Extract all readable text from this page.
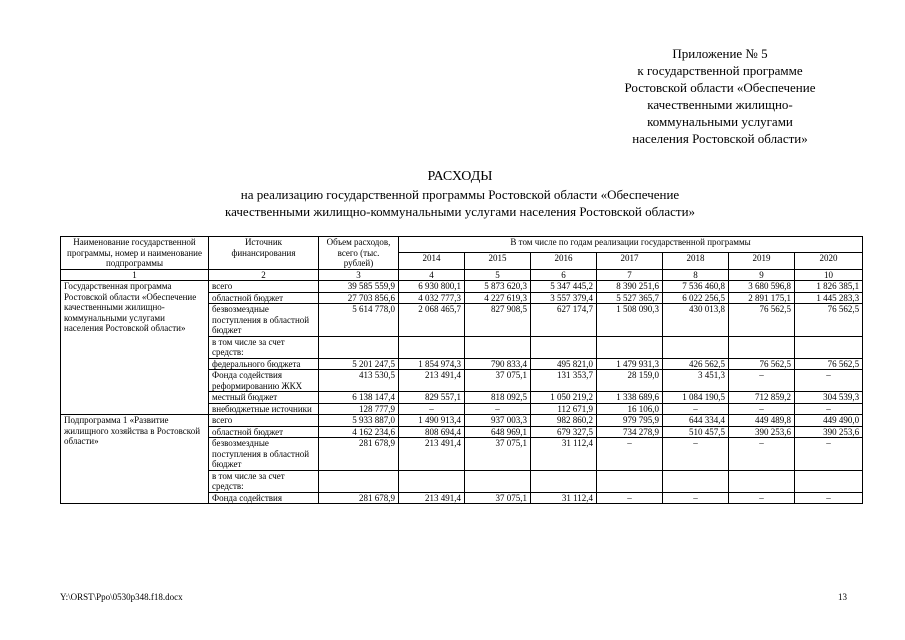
Приложение № 5
к государственной программе
Ростовской области «Обеспечение
качественными жилищно-
коммунальными услугами
населения Ростовской области»
РАСХОДЫ
на реализацию государственной программы Ростовской области «Обеспечение
качественными жилищно-коммунальными услугами населения Ростовской области»
Наименование государственной программы, номер и наименование подпрограммы	Источник финансирования	Объем расходов, всего (тыс. рублей)	В том числе по годам реализации государственной программы						
			2014	2015	2016	2017	2018	2019	2020
1	2	3	4	5	6	7	8	9	10
Государственная программа Ростовской области «Обеспечение качественными жилищно-коммунальными услугами населения Ростовской области»	всего	39 585 559,9	6 930 800,1	5 873 620,3	5 347 445,2	8 390 251,6	7 536 460,8	3 680 596,8	1 826 385,1
	областной бюджет	27 703 856,6	4 032 777,3	4 227 619,3	3 557 379,4	5 527 365,7	6 022 256,5	2 891 175,1	1 445 283,3
	безвозмездные поступления в областной бюджет	5 614 778,0	2 068 465,7	827 908,5	627 174,7	1 508 090,3	430 013,8	76 562,5	76 562,5
	в том числе за счет средств:								
	федерального бюджета	5 201 247,5	1 854 974,3	790 833,4	495 821,0	1 479 931,3	426 562,5	76 562,5	76 562,5
	Фонда содействия реформированию ЖКХ	413 530,5	213 491,4	37 075,1	131 353,7	28 159,0	3 451,3	–	–
	местный бюджет	6 138 147,4	829 557,1	818 092,5	1 050 219,2	1 338 689,6	1 084 190,5	712 859,2	304 539,3
	внебюджетные источники	128 777,9	–	–	112 671,9	16 106,0	–	–	–
Подпрограмма 1 «Развитие жилищного хозяйства в Ростовской области»	всего	5 933 887,0	1 490 913,4	937 003,3	982 860,2	979 795,9	644 334,4	449 489,8	449 490,0
	областной бюджет	4 162 234,6	808 694,4	648 969,1	679 327,5	734 278,9	510 457,5	390 253,6	390 253,6
	безвозмездные поступления в областной бюджет	281 678,9	213 491,4	37 075,1	31 112,4	–	–	–	–
	в том числе за счет средств:								
	Фонда содействия	281 678,9	213 491,4	37 075,1	31 112,4	–	–	–	–
Y:\ORST\Ppo\0530p348.f18.docx	13
